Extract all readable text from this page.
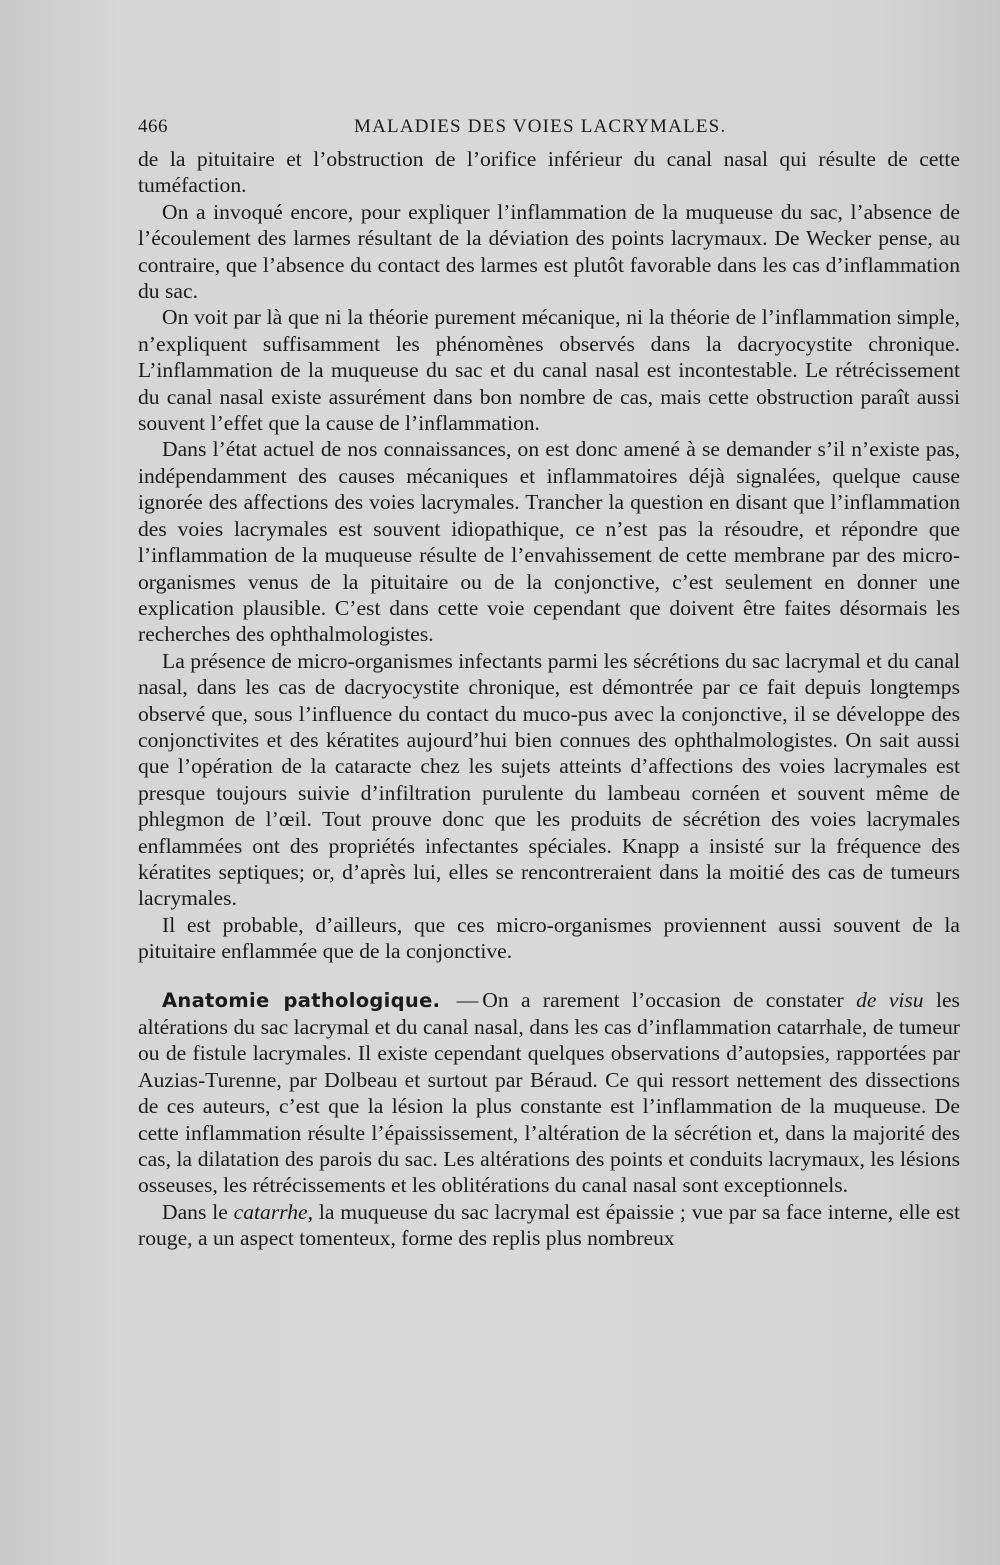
466	MALADIES DES VOIES LACRYMALES.

de la pituitaire et l’obstruction de l’orifice inférieur du canal nasal qui résulte de cette tuméfaction.

On a invoqué encore, pour expliquer l’inflammation de la muqueuse du sac, l’absence de l’écoulement des larmes résultant de la déviation des points lacrymaux. De Wecker pense, au contraire, que l’absence du contact des larmes est plutôt favorable dans les cas d’inflammation du sac.

On voit par là que ni la théorie purement mécanique, ni la théorie de l’inflammation simple, n’expliquent suffisamment les phénomènes observés dans la dacryocystite chronique. L’inflammation de la muqueuse du sac et du canal nasal est incontestable. Le rétrécissement du canal nasal existe assurément dans bon nombre de cas, mais cette obstruction paraît aussi souvent l’effet que la cause de l’inflammation.

Dans l’état actuel de nos connaissances, on est donc amené à se demander s’il n’existe pas, indépendamment des causes mécaniques et inflammatoires déjà signalées, quelque cause ignorée des affections des voies lacrymales. Trancher la question en disant que l’inflammation des voies lacrymales est souvent idiopathique, ce n’est pas la résoudre, et répondre que l’inflammation de la muqueuse résulte de l’envahissement de cette membrane par des microorganismes venus de la pituitaire ou de la conjonctive, c’est seulement en donner une explication plausible. C’est dans cette voie cependant que doivent être faites désormais les recherches des ophthalmologistes.

La présence de micro-organismes infectants parmi les sécrétions du sac lacrymal et du canal nasal, dans les cas de dacryocystite chronique, est démontrée par ce fait depuis longtemps observé que, sous l’influence du contact du muco-pus avec la conjonctive, il se développe des conjonctivites et des kératites aujourd’hui bien connues des ophthalmologistes. On sait aussi que l’opération de la cataracte chez les sujets atteints d’affections des voies lacrymales est presque toujours suivie d’infiltration purulente du lambeau cornéen et souvent même de phlegmon de l’œil. Tout prouve donc que les produits de sécrétion des voies lacrymales enflammées ont des propriétés infectantes spéciales. Knapp a insisté sur la fréquence des kératites septiques; or, d’après lui, elles se rencontreraient dans la moitié des cas de tumeurs lacrymales.

Il est probable, d’ailleurs, que ces micro-organismes proviennent aussi souvent de la pituitaire enflammée que de la conjonctive.

Anatomie pathologique. — On a rarement l’occasion de constater de visu les altérations du sac lacrymal et du canal nasal, dans les cas d’inflammation catarrhale, de tumeur ou de fistule lacrymales. Il existe cependant quelques observations d’autopsies, rapportées par Auzias-Turenne, par Dolbeau et surtout par Béraud. Ce qui ressort nettement des dissections de ces auteurs, c’est que la lésion la plus constante est l’inflammation de la muqueuse. De cette inflammation résulte l’épaississement, l’altération de la sécrétion et, dans la majorité des cas, la dilatation des parois du sac. Les altérations des points et conduits lacrymaux, les lésions osseuses, les rétrécissements et les oblitérations du canal nasal sont exceptionnels.

Dans le catarrhe, la muqueuse du sac lacrymal est épaissie ; vue par sa face interne, elle est rouge, a un aspect tomenteux, forme des replis plus nombreux
